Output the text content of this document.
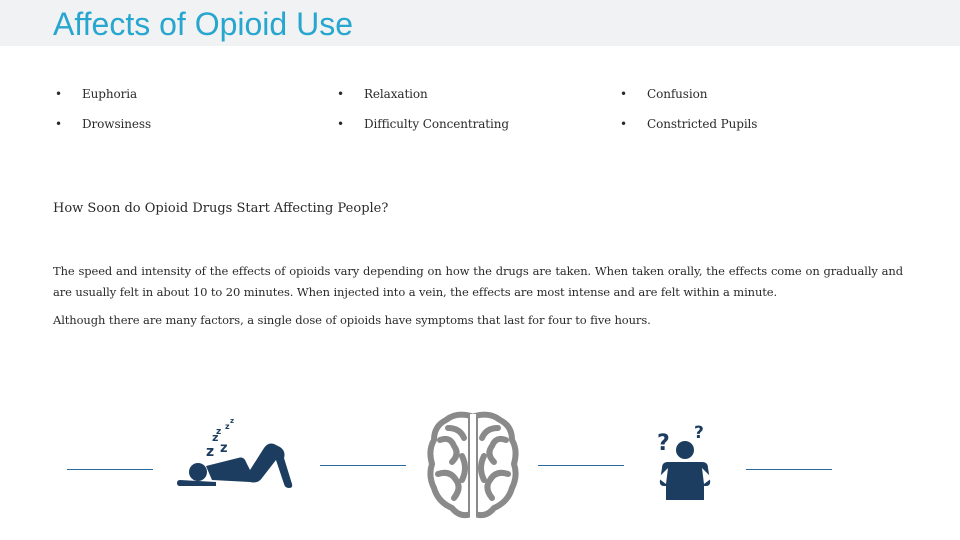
Affects of Opioid Use
• Euphoria	• Relaxation	• Confusion
• Drowsiness	• Difficulty Concentrating	• Constricted Pupils

How Soon do Opioid Drugs Start Affecting People?

The speed and intensity of the effects of opioids vary depending on how the drugs are taken. When taken orally, the effects come on gradually and are usually felt in about 10 to 20 minutes. When injected into a vein, the effects are most intense and are felt within a minute.

Although there are many factors, a single dose of opioids have symptoms that last for four to five hours.

z
z
z
z
z
z	? ?
